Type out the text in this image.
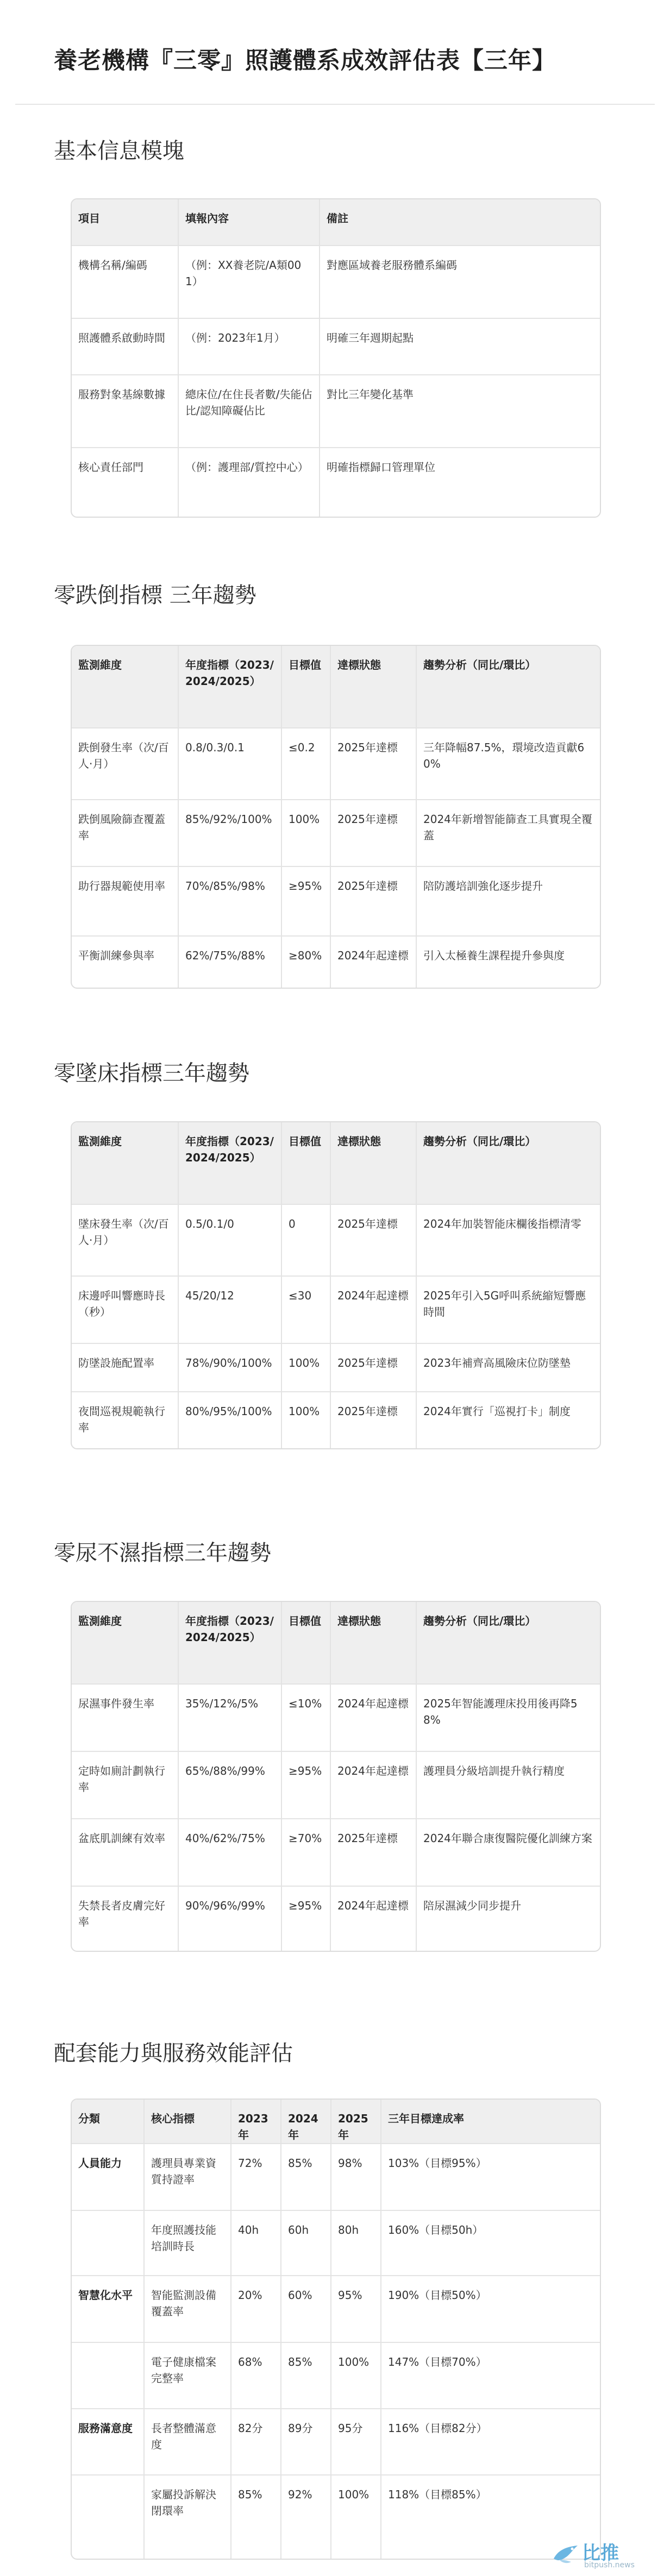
養老機構『三零』照護體系成效評估表【三年】
基本信息模塊
項目	填報內容	備註
機構名稱/編碼	（例：XX養老院/A類001）	對應區域養老服務體系編碼
照護體系啟動時間	（例：2023年1月）	明確三年週期起點
服務對象基線數據	總床位/在住長者數/失能佔比/認知障礙佔比	對比三年變化基準
核心責任部門	（例：護理部/質控中心）	明確指標歸口管理單位
零跌倒指標 三年趨勢
監測維度	年度指標（2023/2024/2025）	目標值	達標狀態	趨勢分析（同比/環比）
跌倒發生率（次/百人·月）	0.8/0.3/0.1	≤0.2	2025年達標	三年降幅87.5%，環境改造貢獻60%
跌倒風險篩查覆蓋率	85%/92%/100%	100%	2025年達標	2024年新增智能篩查工具實現全覆蓋
助行器規範使用率	70%/85%/98%	≥95%	2025年達標	陪防護培訓強化逐步提升
平衡訓練參與率	62%/75%/88%	≥80%	2024年起達標	引入太極養生課程提升參與度
零墜床指標三年趨勢
監測維度	年度指標（2023/2024/2025）	目標值	達標狀態	趨勢分析（同比/環比）
墜床發生率（次/百人·月）	0.5/0.1/0	0	2025年達標	2024年加裝智能床欄後指標清零
床邊呼叫響應時長（秒）	45/20/12	≤30	2024年起達標	2025年引入5G呼叫系統縮短響應時間
防墜設施配置率	78%/90%/100%	100%	2025年達標	2023年補齊高風險床位防墜墊
夜間巡視規範執行率	80%/95%/100%	100%	2025年達標	2024年實行「巡視打卡」制度
零尿不濕指標三年趨勢
監測維度	年度指標（2023/2024/2025）	目標值	達標狀態	趨勢分析（同比/環比）
尿濕事件發生率	35%/12%/5%	≤10%	2024年起達標	2025年智能護理床投用後再降58%
定時如廁計劃執行率	65%/88%/99%	≥95%	2024年起達標	護理員分級培訓提升執行精度
盆底肌訓練有效率	40%/62%/75%	≥70%	2025年達標	2024年聯合康復醫院優化訓練方案
失禁長者皮膚完好率	90%/96%/99%	≥95%	2024年起達標	陪尿濕減少同步提升
配套能力與服務效能評估
分類	核心指標	2023年	2024年	2025年	三年目標達成率
人員能力	護理員專業資質持證率	72%	85%	98%	103%（目標95%）
	年度照護技能培訓時長	40h	60h	80h	160%（目標50h）
智慧化水平	智能監測設備覆蓋率	20%	60%	95%	190%（目標50%）
	電子健康檔案完整率	68%	85%	100%	147%（目標70%）
服務滿意度	長者整體滿意度	82分	89分	95分	116%（目標82分）
	家屬投訴解決閉環率	85%	92%	100%	118%（目標85%）
比推
bitpush.news
